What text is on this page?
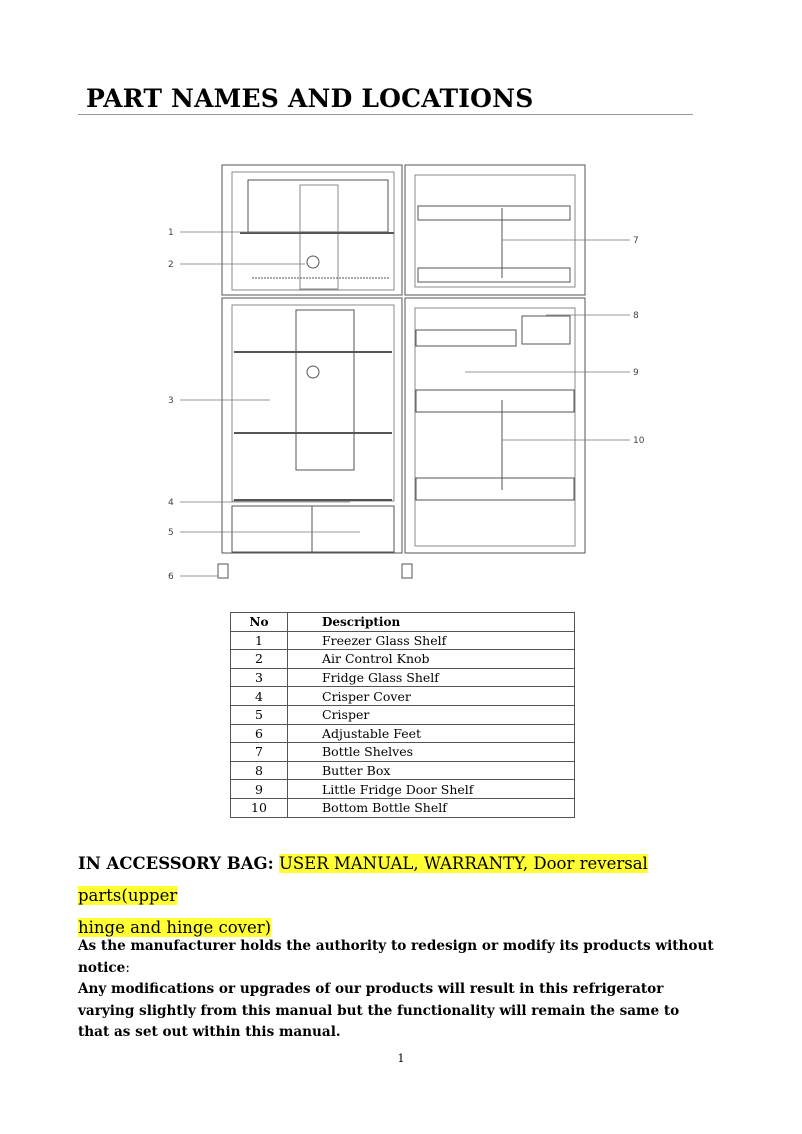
PART NAMES AND LOCATIONS
1
2
3
4
5
6
7
8
9
10
No	Description
1	Freezer Glass Shelf
2	Air Control Knob
3	Fridge Glass Shelf
4	Crisper Cover
5	Crisper
6	Adjustable Feet
7	Bottle Shelves
8	Butter Box
9	Little Fridge Door Shelf
10	Bottom Bottle Shelf
IN ACCESSORY BAG: USER MANUAL, WARRANTY, Door reversal parts(upper
hinge and hinge cover)

As the manufacturer holds the authority to redesign or modify its products without

notice:

Any modifications or upgrades of our products will result in this refrigerator

varying slightly from this manual but the functionality will remain the same to

that as set out within this manual.

1
